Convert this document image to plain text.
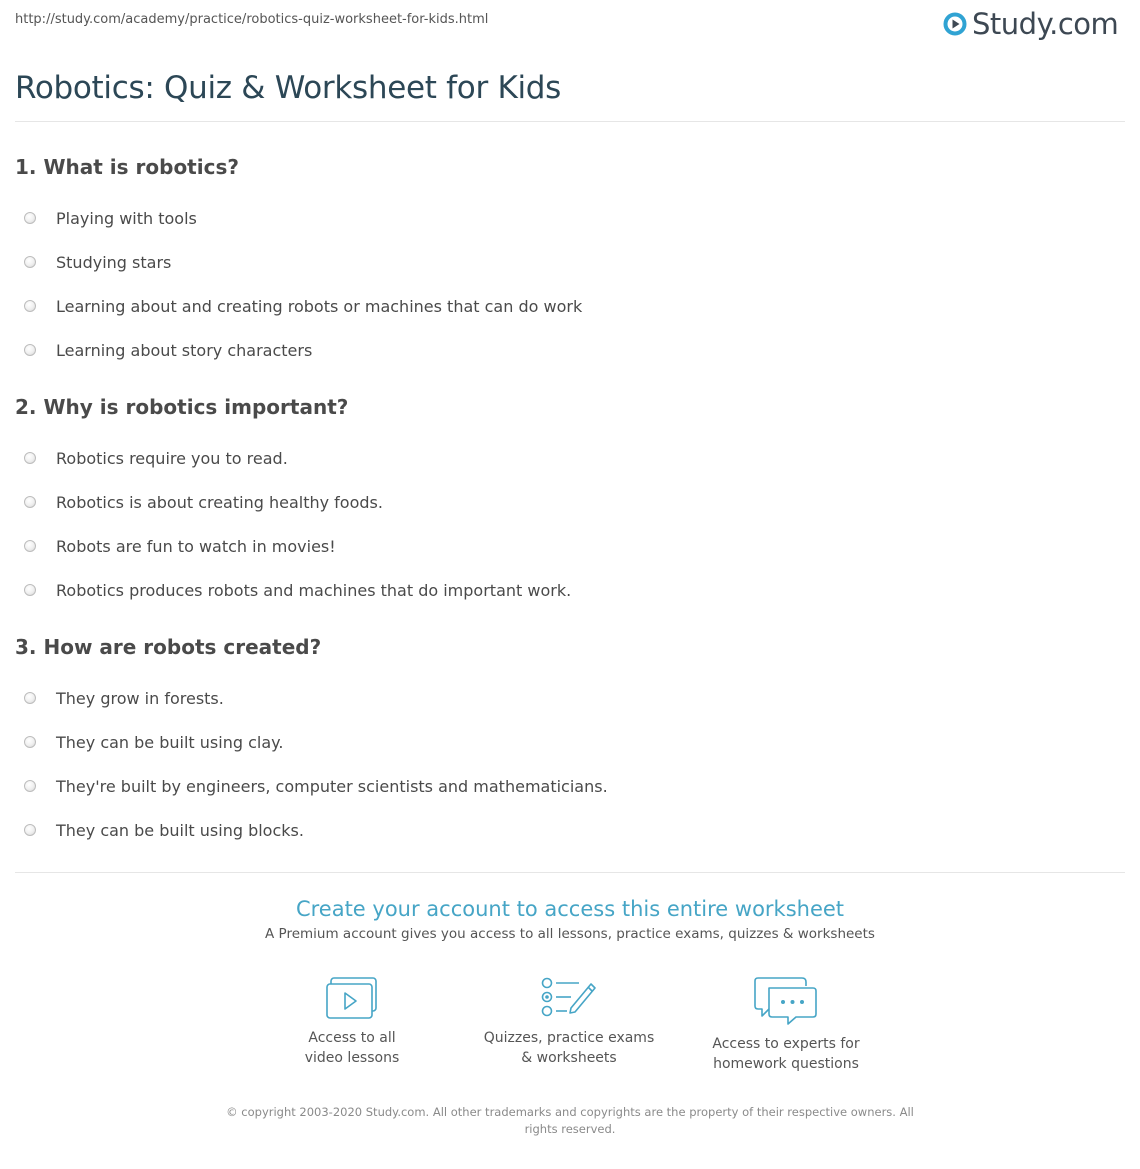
http://study.com/academy/practice/robotics-quiz-worksheet-for-kids.html	Study.com
Robotics: Quiz & Worksheet for Kids
1. What is robotics?
Playing with tools
Studying stars
Learning about and creating robots or machines that can do work
Learning about story characters
2. Why is robotics important?
Robotics require you to read.
Robotics is about creating healthy foods.
Robots are fun to watch in movies!
Robotics produces robots and machines that do important work.
3. How are robots created?
They grow in forests.
They can be built using clay.
They're built by engineers, computer scientists and mathematicians.
They can be built using blocks.
Create your account to access this entire worksheet
A Premium account gives you access to all lessons, practice exams, quizzes & worksheets
Access to all
video lessons
Quizzes, practice exams
& worksheets
Access to experts for
homework questions
© copyright 2003-2020 Study.com. All other trademarks and copyrights are the property of their respective owners. All rights reserved.
